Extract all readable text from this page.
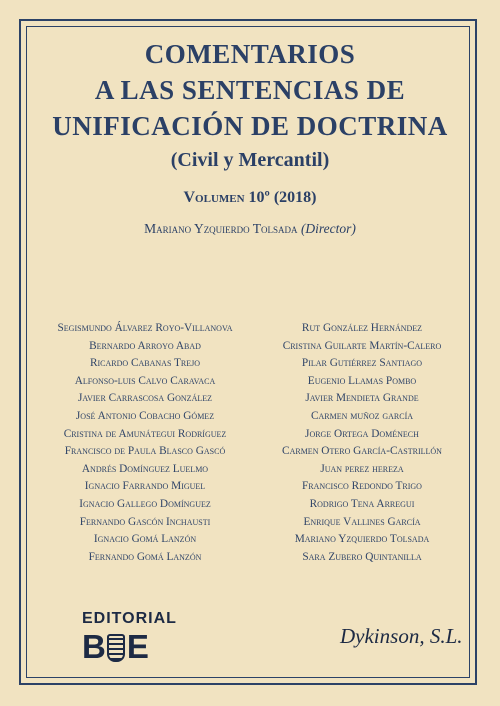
COMENTARIOS
A LAS SENTENCIAS DE
UNIFICACIÓN DE DOCTRINA
(Civil y Mercantil)
Volumen 10º (2018)
Mariano Yzquierdo Tolsada (Director)
Segismundo Álvarez Royo-Villanova
Bernardo Arroyo Abad
Ricardo Cabanas Trejo
Alfonso-luis Calvo Caravaca
Javier Carrascosa González
José Antonio Cobacho Gómez
Cristina de Amunátegui Rodríguez
Francisco de Paula Blasco Gascó
Andrés Domínguez Luelmo
Ignacio Farrando Miguel
Ignacio Gallego Domínguez
Fernando Gascón Inchausti
Ignacio Gomá Lanzón
Fernando Gomá Lanzón
Rut González Hernández
Cristina Guilarte Martín-Calero
Pilar Gutiérrez Santiago
Eugenio Llamas Pombo
Javier Mendieta Grande
Carmen muñoz garcía
Jorge Ortega Doménech
Carmen Otero García-Castrillón
Juan perez hereza
Francisco Redondo Trigo
Rodrigo Tena Arregui
Enrique Vallines García
Mariano Yzquierdo Tolsada
Sara Zubero Quintanilla
EDITORIAL
B E	Dykinson, S.L.
